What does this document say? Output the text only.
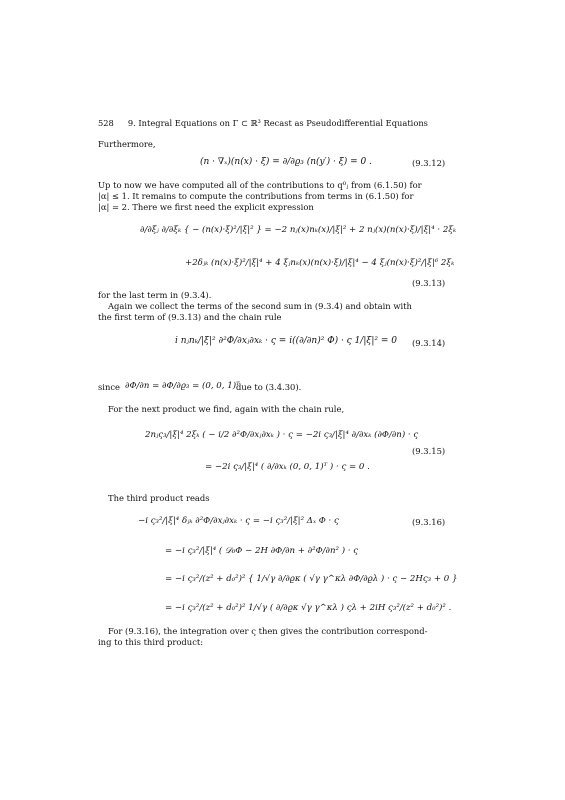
528 9. Integral Equations on Γ ⊂ ℝ³ Recast as Pseudodifferential Equations
Furthermore,
(n · ∇ₓ)(n(x) · ξ) = ∂/∂ϱ₃ (n(y′) · ξ) = 0 .	(9.3.12)
Up to now we have computed all of the contributions to q⁰ⱼ from (6.1.50) for
|α| ≤ 1. It remains to compute the contributions from terms in (6.1.50) for
|α| = 2. There we first need the explicit expression
∂/∂ξⱼ ∂/∂ξₖ { − (n(x)·ξ)²/|ξ|² } = −2 nⱼ(x)nₖ(x)/|ξ|² + 2 nⱼ(x)(n(x)·ξ)/|ξ|⁴ · 2ξₖ
+2δⱼₖ (n(x)·ξ)²/|ξ|⁴ + 4 ξⱼnₖ(x)(n(x)·ξ)/|ξ|⁴ − 4 ξⱼ(n(x)·ξ)²/|ξ|⁶ 2ξₖ
(9.3.13)
for the last term in (9.3.4).
Again we collect the terms of the second sum in (9.3.4) and obtain with
the first term of (9.3.13) and the chain rule
i nⱼnₖ/|ξ|² ∂²Φ/∂xⱼ∂xₖ · ς = i((∂/∂n)² Φ) · ς 1/|ξ|² = 0 (9.3.14)
since ∂Φ/∂n = ∂Φ/∂ϱ₃ = (0, 0, 1)ᵀ
due to (3.4.30).
For the next product we find, again with the chain rule,
2nⱼς₃/|ξ|⁴ 2ξₖ ( − i/2 ∂²Φ/∂xⱼ∂xₖ ) · ς = −2i ς₃/|ξ|⁴ ∂/∂xₖ (∂Φ/∂n) · ς
= −2i ς₃/|ξ|⁴ ( ∂/∂xₖ (0, 0, 1)ᵀ ) · ς = 0 .
(9.3.15)
The third product reads
−i ς₃²/|ξ|⁴ δⱼₖ ∂²Φ/∂xⱼ∂xₖ · ς = −i ς₃²/|ξ|² Δₓ Φ · ς	(9.3.16)
= −i ς₃²/|ξ|⁴ ( 𝒟₀Φ − 2H ∂Φ/∂n + ∂²Φ/∂n² ) · ς
= −i ς₃²/(z² + d₀²)² { 1/√γ ∂/∂ϱκ ( √γ γ^κλ ∂Φ/∂ϱλ ) · ς − 2Hς₃ + 0 }
= −i ς₃²/(z² + d₀²)² 1/√γ ( ∂/∂ϱκ √γ γ^κλ ) ςλ + 2iH ς₃²/(z² + d₀²)² .
For (9.3.16), the integration over ς then gives the contribution correspond-
ing to this third product:
